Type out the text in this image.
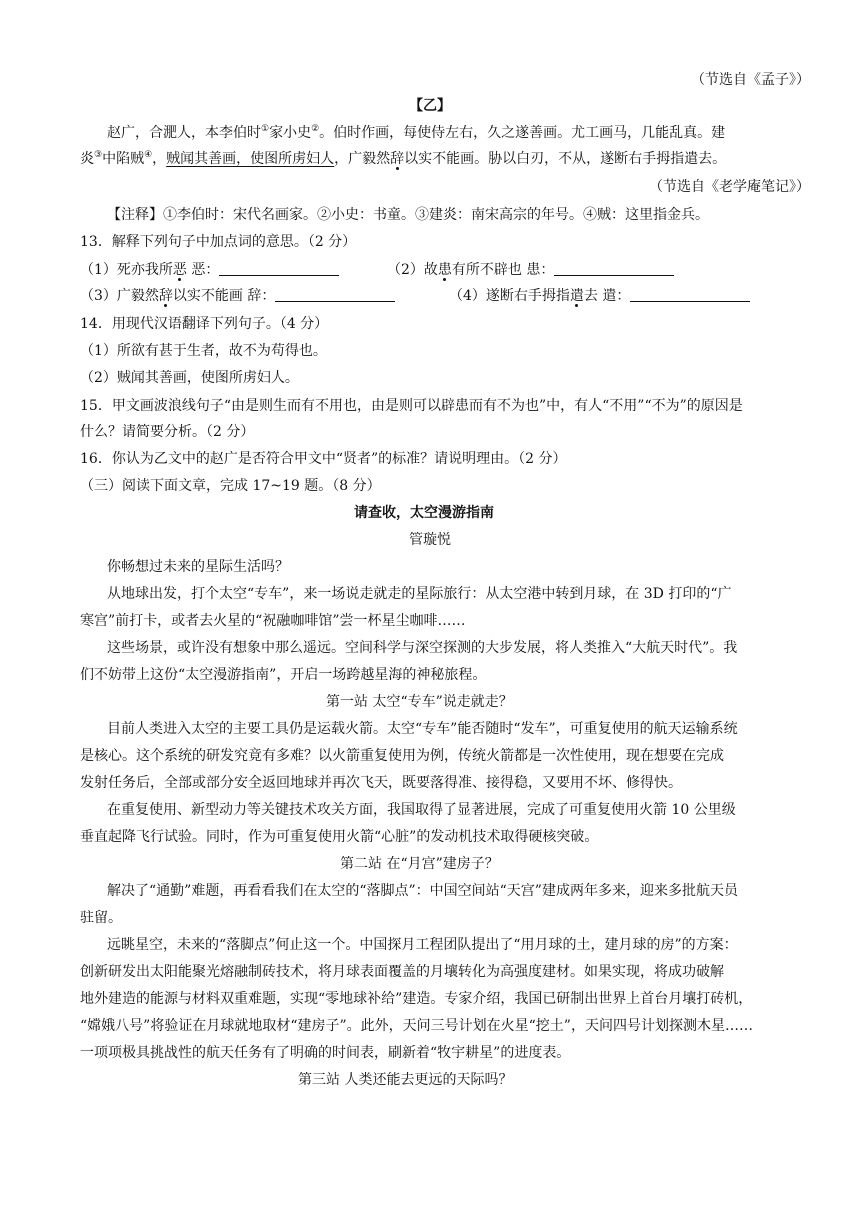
（节选自《孟子》）
【乙】
赵广，合淝人，本李伯时①家小史②。伯时作画，每使侍左右，久之遂善画。尤工画马，几能乱真。建
炎③中陷贼④，贼闻其善画，使图所虏妇人，广毅然辞以实不能画。胁以白刃，不从，遂断右手拇指遣去。
（节选自《老学庵笔记》）
【注释】①李伯时：宋代名画家。②小史：书童。③建炎：南宋高宗的年号。④贼：这里指金兵。
13．解释下列句子中加点词的意思。（2 分）
（1）死亦我所恶 恶：	（2）故患有所不辟也 患：
（3）广毅然辞以实不能画 辞：	（4）遂断右手拇指遣去 遣：
14．用现代汉语翻译下列句子。（4 分）
（1）所欲有甚于生者，故不为苟得也。
（2）贼闻其善画，使图所虏妇人。
15．甲文画波浪线句子“由是则生而有不用也，由是则可以辟患而有不为也”中，有人“不用”“不为”的原因是
什么？请简要分析。（2 分）
16．你认为乙文中的赵广是否符合甲文中“贤者”的标准？请说明理由。（2 分）
（三）阅读下面文章，完成 17~19 题。（8 分）
请查收，太空漫游指南
管璇悦
你畅想过未来的星际生活吗？
从地球出发，打个太空“专车”，来一场说走就走的星际旅行：从太空港中转到月球，在 3D 打印的“广
寒宫”前打卡，或者去火星的“祝融咖啡馆”尝一杯星尘咖啡……
这些场景，或许没有想象中那么遥远。空间科学与深空探测的大步发展，将人类推入“大航天时代”。我
们不妨带上这份“太空漫游指南”，开启一场跨越星海的神秘旅程。
第一站 太空“专车”说走就走？
目前人类进入太空的主要工具仍是运载火箭。太空“专车”能否随时“发车”，可重复使用的航天运输系统
是核心。这个系统的研发究竟有多难？以火箭重复使用为例，传统火箭都是一次性使用，现在想要在完成
发射任务后，全部或部分安全返回地球并再次飞天，既要落得准、接得稳，又要用不坏、修得快。
在重复使用、新型动力等关键技术攻关方面，我国取得了显著进展，完成了可重复使用火箭 10 公里级
垂直起降飞行试验。同时，作为可重复使用火箭“心脏”的发动机技术取得硬核突破。
第二站 在“月宫”建房子？
解决了“通勤”难题，再看看我们在太空的“落脚点”：中国空间站“天宫”建成两年多来，迎来多批航天员
驻留。
远眺星空，未来的“落脚点”何止这一个。中国探月工程团队提出了“用月球的土，建月球的房”的方案：
创新研发出太阳能聚光熔融制砖技术，将月球表面覆盖的月壤转化为高强度建材。如果实现，将成功破解
地外建造的能源与材料双重难题，实现“零地球补给”建造。专家介绍，我国已研制出世界上首台月壤打砖机，
“嫦娥八号”将验证在月球就地取材“建房子”。此外，天问三号计划在火星“挖土”，天问四号计划探测木星……
一项项极具挑战性的航天任务有了明确的时间表，刷新着“牧宇耕星”的进度表。
第三站 人类还能去更远的天际吗？
